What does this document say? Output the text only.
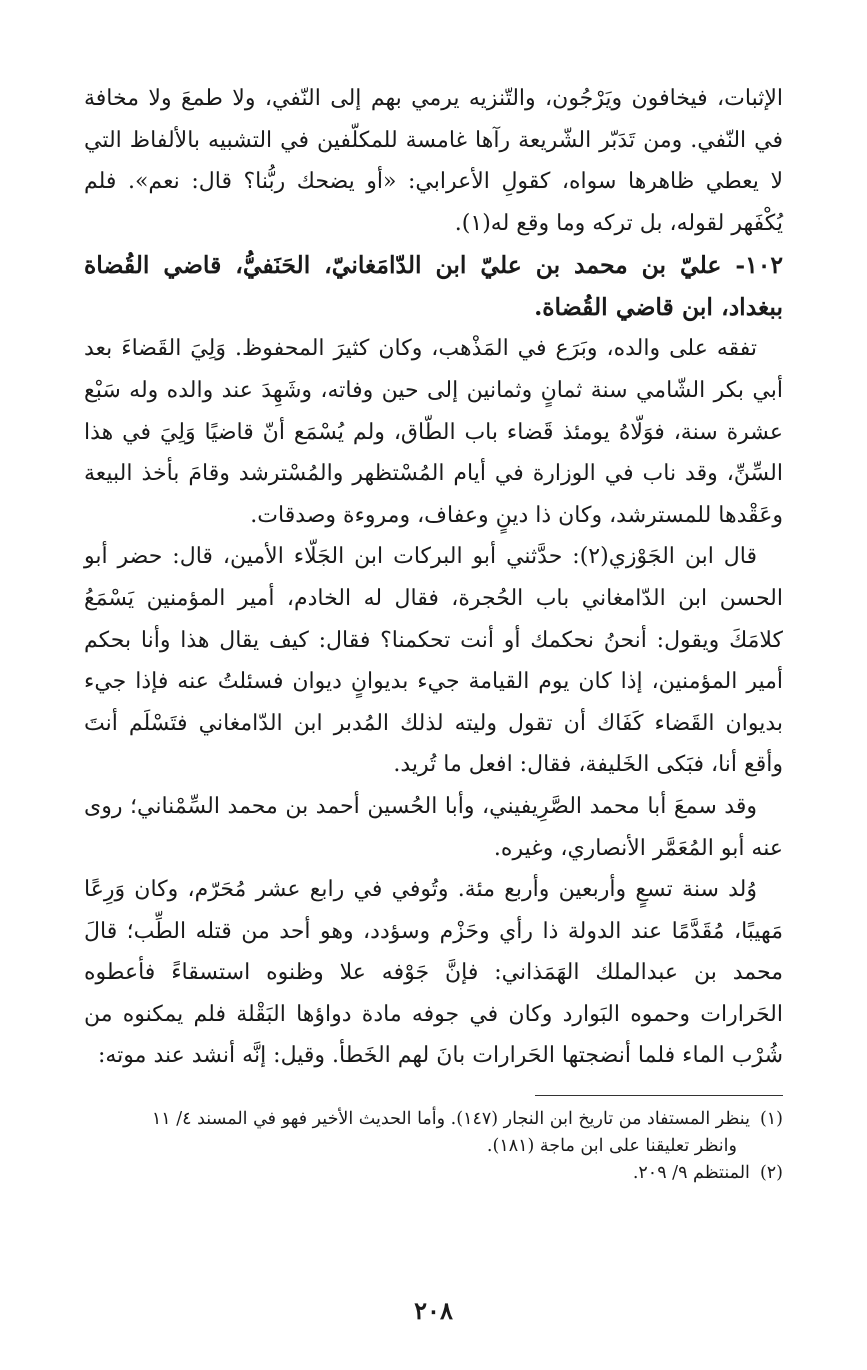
الإثبات، فيخافون ويَرْجُون، والتّنزيه يرمي بهم إلى النّفي، ولا طمعَ ولا مخافة في النّفي. ومن تَدَبّر الشّريعة رآها غامسة للمكلّفين في التشبيه بالألفاظ التي لا يعطي ظاهرها سواه، كقولِ الأعرابي: «أو يضحك ربُّنا؟ قال: نعم». فلم يُكْفَهر لقوله، بل تركه وما وقع له(١).

١٠٢- عليّ بن محمد بن عليّ ابن الدّامَغانيّ، الحَنَفيُّ، قاضي القُضاة ببغداد، ابن قاضي القُضاة.

تفقه على والده، وبَرَع في المَذْهب، وكان كثيرَ المحفوظ. وَلِيَ القَضاءَ بعد أبي بكر الشّامي سنة ثمانٍ وثمانين إلى حين وفاته، وشَهِدَ عند والده وله سَبْع عشرة سنة، فوَلّاهُ يومئذ قَضاء باب الطّاق، ولم يُسْمَع أنّ قاضيًا وَلِيَ في هذا السِّنِّ، وقد ناب في الوزارة في أيام المُسْتظهر والمُسْترشد وقامَ بأخذ البيعة وعَقْدها للمسترشد، وكان ذا دينٍ وعفاف، ومروءة وصدقات.

قال ابن الجَوْزي(٢): حدَّثني أبو البركات ابن الجَلّاء الأمين، قال: حضر أبو الحسن ابن الدّامغاني باب الحُجرة، فقال له الخادم، أمير المؤمنين يَسْمَعُ كلامَكَ ويقول: أنحنُ نحكمك أو أنت تحكمنا؟ فقال: كيف يقال هذا وأنا بحكم أمير المؤمنين، إذا كان يوم القيامة جيء بديوانٍ ديوان فسئلتُ عنه فإذا جيء بديوان القَضاء كَفَاك أن تقول وليته لذلك المُدبر ابن الدّامغاني فتَسْلَم أنتَ وأقع أنا، فبَكى الخَليفة، فقال: افعل ما تُريد.

وقد سمعَ أبا محمد الصَّرِيفيني، وأبا الحُسين أحمد بن محمد السِّمْناني؛ روى عنه أبو المُعَمَّر الأنصاري، وغيره.

وُلد سنة تسعٍ وأربعين وأربع مئة. وتُوفي في رابع عشر مُحَرّم، وكان وَرِعًا مَهيبًا، مُقَدَّمًا عند الدولة ذا رأي وحَزْم وسؤدد، وهو أحد من قتله الطِّب؛ قالَ محمد بن عبدالملك الهَمَذاني: فإنَّ جَوْفه علا وظنوه استسقاءً فأعطوه الحَرارات وحموه البَوارد وكان في جوفه مادة دواؤها البَقْلة فلم يمكنوه من شُرْب الماء فلما أنضجتها الحَرارات بانَ لهم الخَطأ. وقيل: إنَّه أنشد عند موته:

(١)ينظر المستفاد من تاريخ ابن النجار (١٤٧). وأما الحديث الأخير فهو في المسند ٤/ ١١

وانظر تعليقنا على ابن ماجة (١٨١).

(٢)المنتظم ٩/ ٢٠٩.

٢٠٨
